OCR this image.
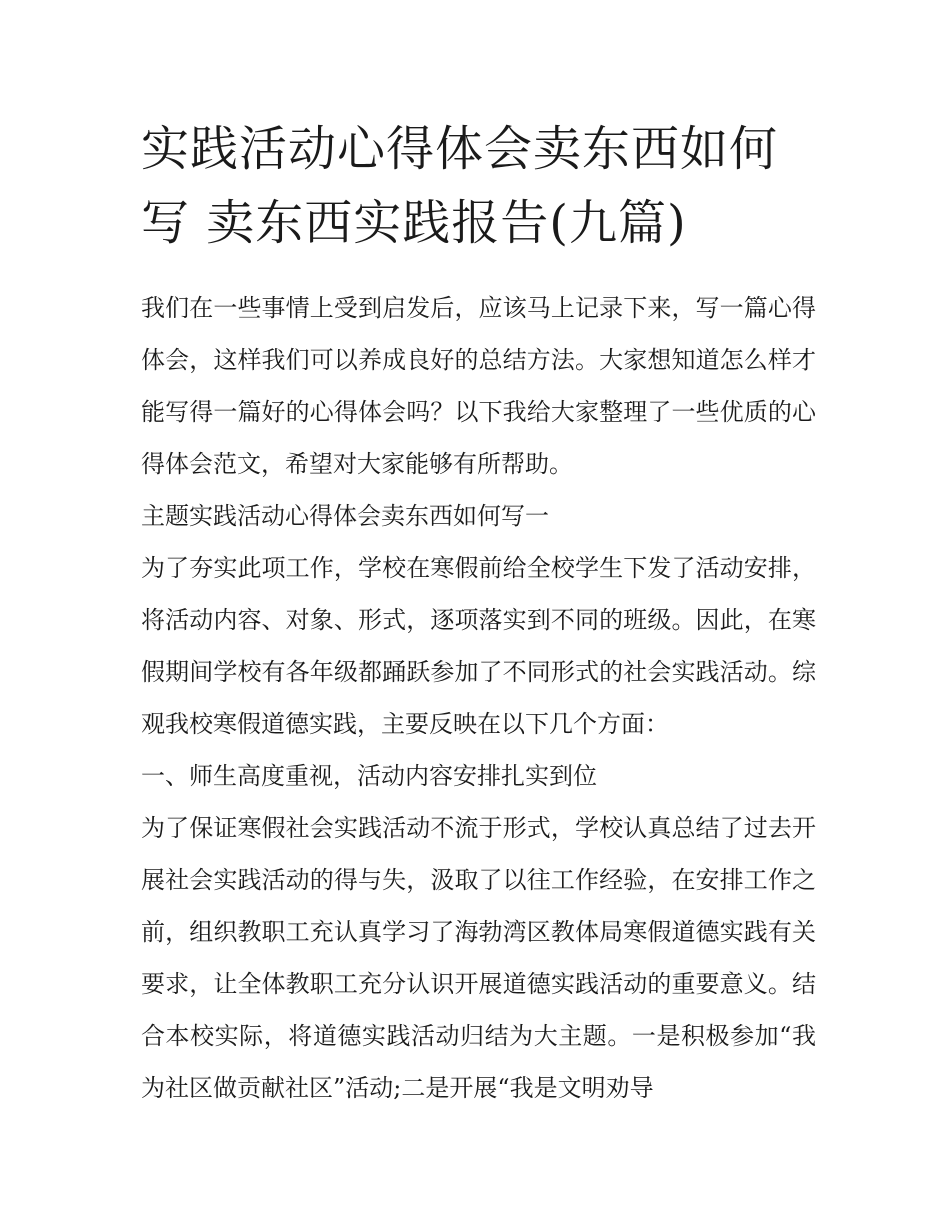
实践活动心得体会卖东西如何
写 卖东西实践报告(九篇)

我们在一些事情上受到启发后，应该马上记录下来，写一篇心得体会，这样我们可以养成良好的总结方法。大家想知道怎么样才能写得一篇好的心得体会吗？以下我给大家整理了一些优质的心得体会范文，希望对大家能够有所帮助。

主题实践活动心得体会卖东西如何写一

为了夯实此项工作，学校在寒假前给全校学生下发了活动安排，将活动内容、对象、形式，逐项落实到不同的班级。因此，在寒假期间学校有各年级都踊跃参加了不同形式的社会实践活动。综观我校寒假道德实践，主要反映在以下几个方面：

一、师生高度重视，活动内容安排扎实到位

为了保证寒假社会实践活动不流于形式，学校认真总结了过去开展社会实践活动的得与失，汲取了以往工作经验，在安排工作之前，组织教职工充认真学习了海勃湾区教体局寒假道德实践有关要求，让全体教职工充分认识开展道德实践活动的重要意义。结合本校实际，将道德实践活动归结为大主题。一是积极参加“我为社区做贡献社区”活动;二是开展“我是文明劝导
